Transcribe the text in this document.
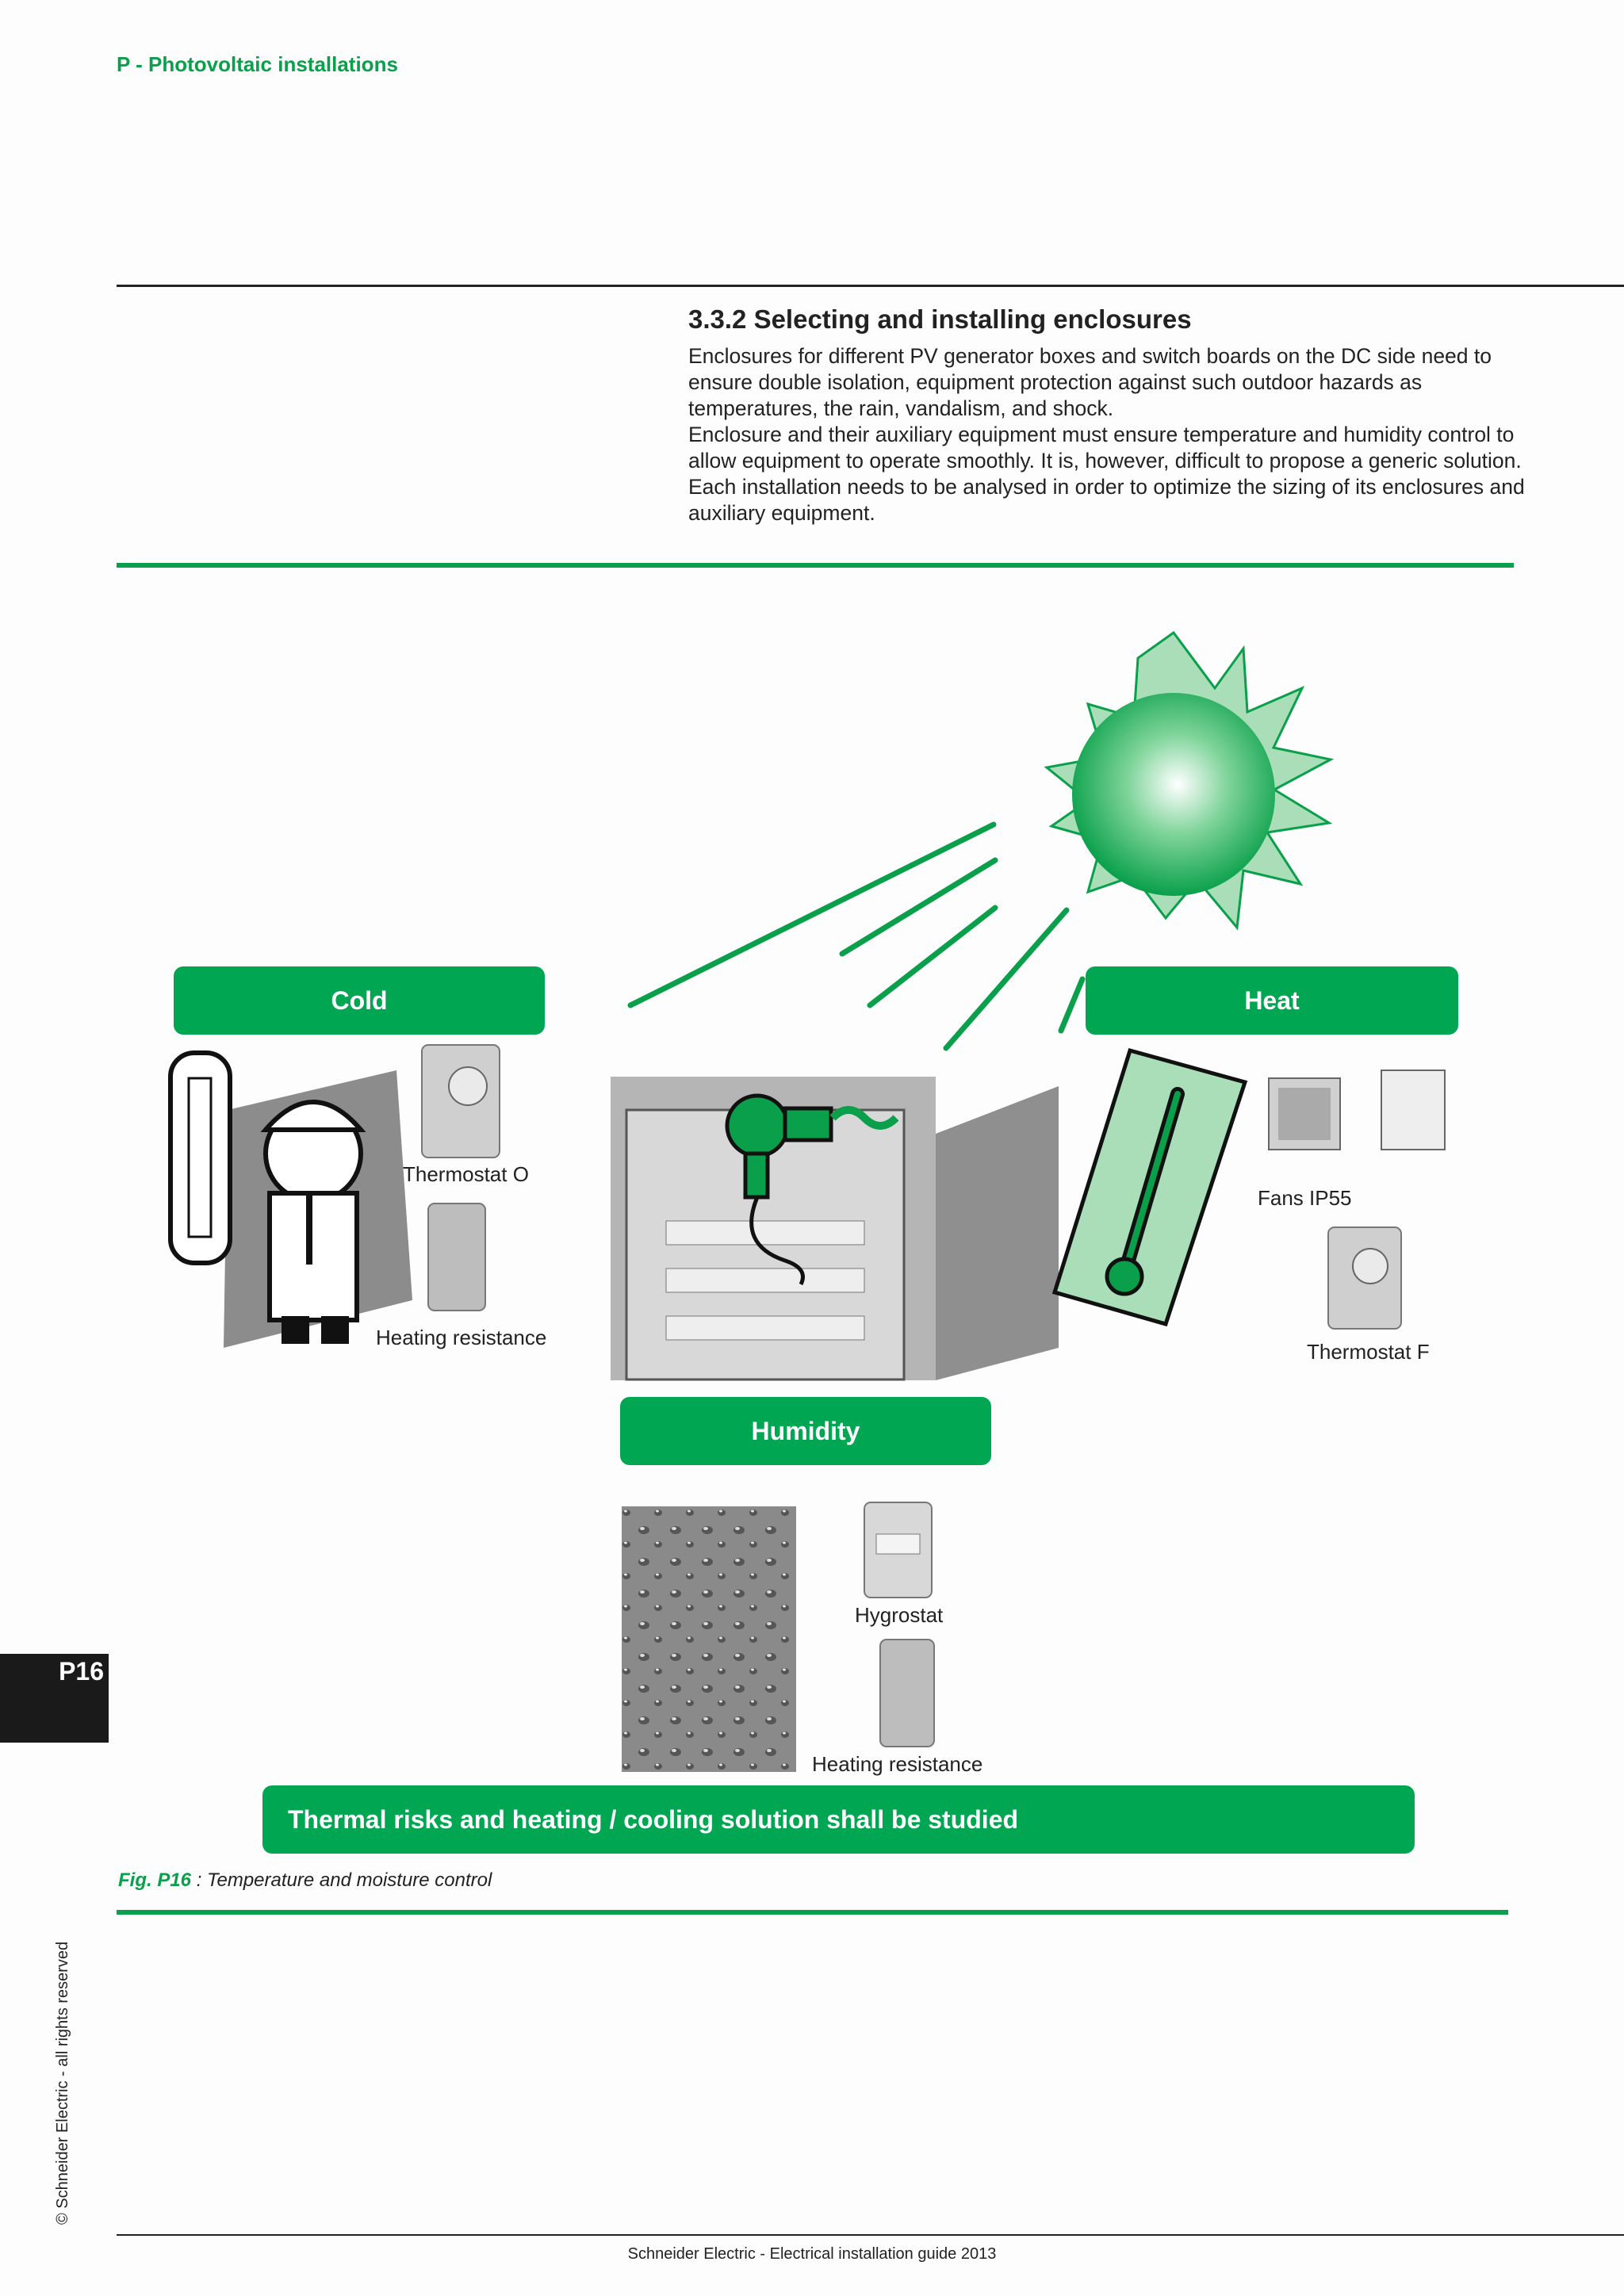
P - Photovoltaic installations
3.3.2 Selecting and installing enclosures

Enclosures for different PV generator boxes and switch boards on the DC side need to ensure double isolation, equipment protection against such outdoor hazards as temperatures, the rain, vandalism, and shock.

Enclosure and their auxiliary equipment must ensure temperature and humidity control to allow equipment to operate smoothly. It is, however, difficult to propose a generic solution. Each installation needs to be analysed in order to optimize the sizing of its enclosures and auxiliary equipment.

Cold	Heat
Humidity
Thermostat O
Heating resistance
Fans IP55
Thermostat F
Hygrostat
Heating resistance
Thermal risks and heating / cooling solution shall be studied
Fig. P16 : Temperature and moisture control
P16
© Schneider Electric - all rights reserved
Schneider Electric - Electrical installation guide 2013
